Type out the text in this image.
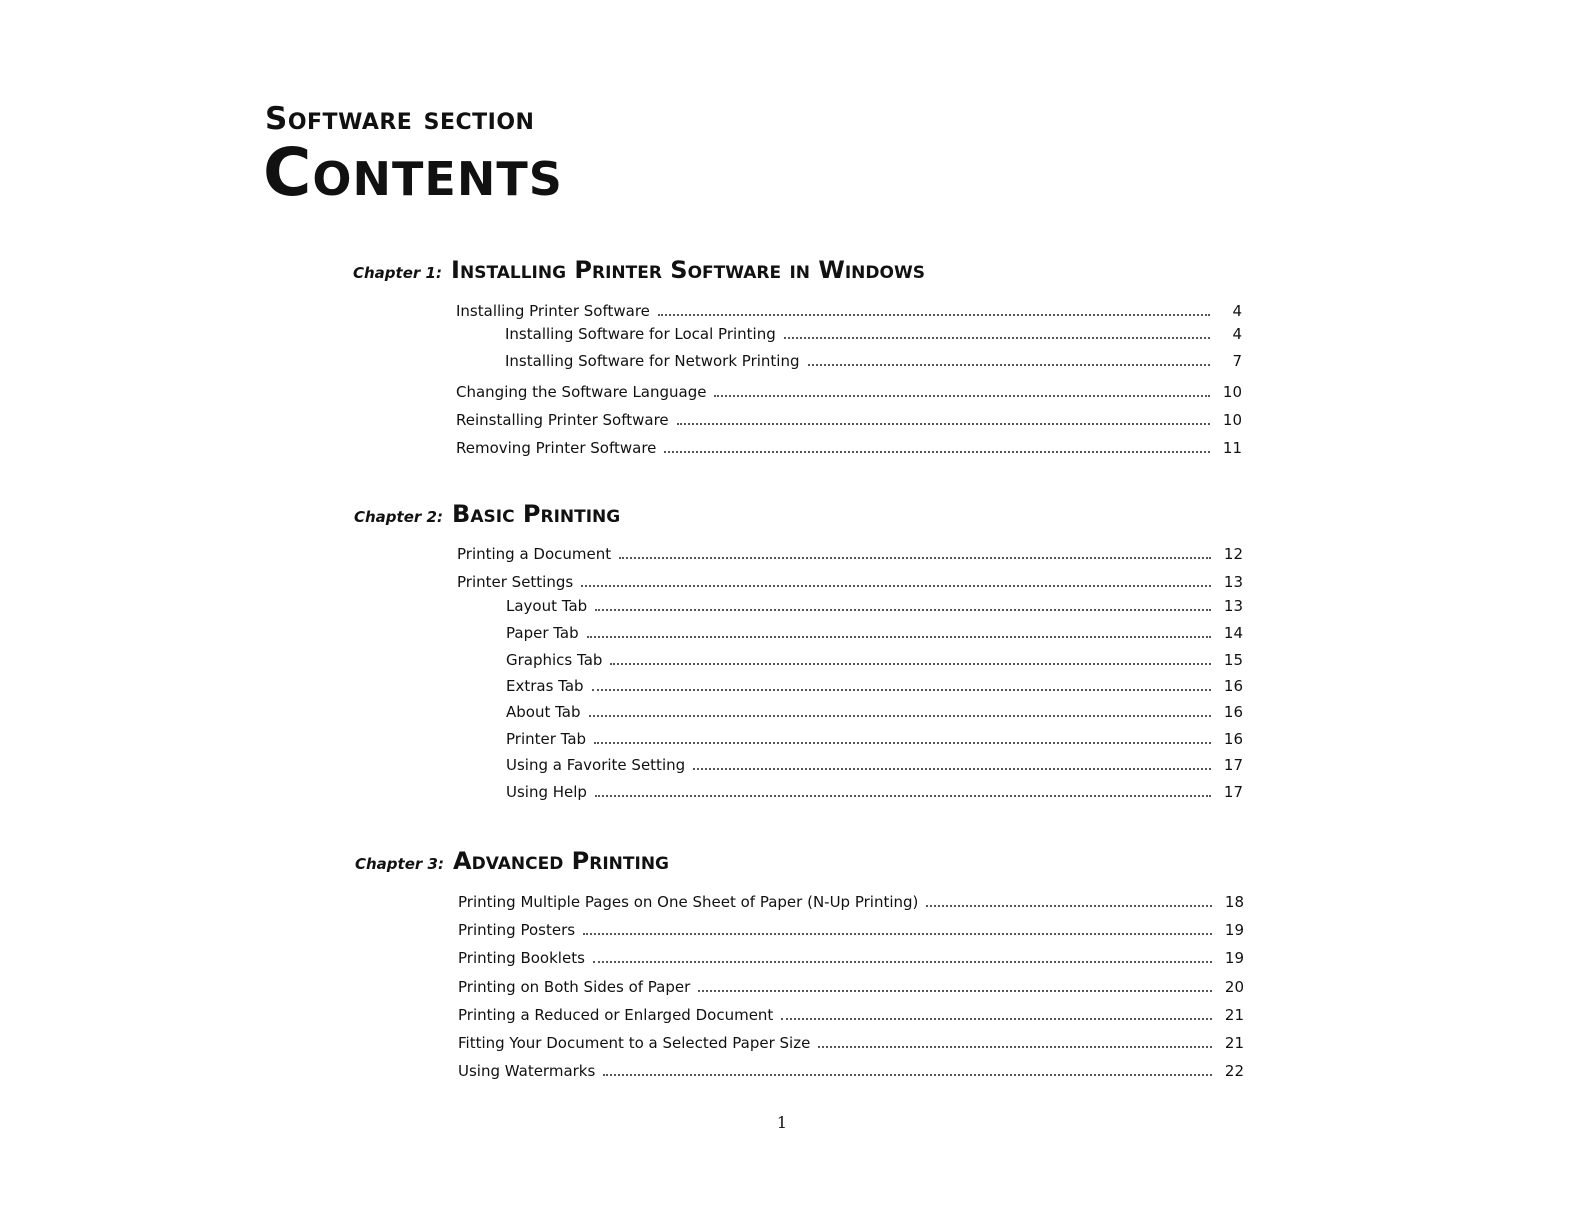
Software section
Contents
Chapter 1: Installing Printer Software in Windows
Installing Printer Software	4
Installing Software for Local Printing	4
Installing Software for Network Printing	7
Changing the Software Language	10
Reinstalling Printer Software	10
Removing Printer Software	11
Chapter 2: Basic Printing
Printing a Document	12
Printer Settings	13
Layout Tab	13
Paper Tab	14
Graphics Tab	15
Extras Tab	16
About Tab	16
Printer Tab	16
Using a Favorite Setting	17
Using Help	17
Chapter 3: Advanced Printing
Printing Multiple Pages on One Sheet of Paper (N-Up Printing)	18
Printing Posters	19
Printing Booklets	19
Printing on Both Sides of Paper	20
Printing a Reduced or Enlarged Document	21
Fitting Your Document to a Selected Paper Size	21
Using Watermarks	22
1
